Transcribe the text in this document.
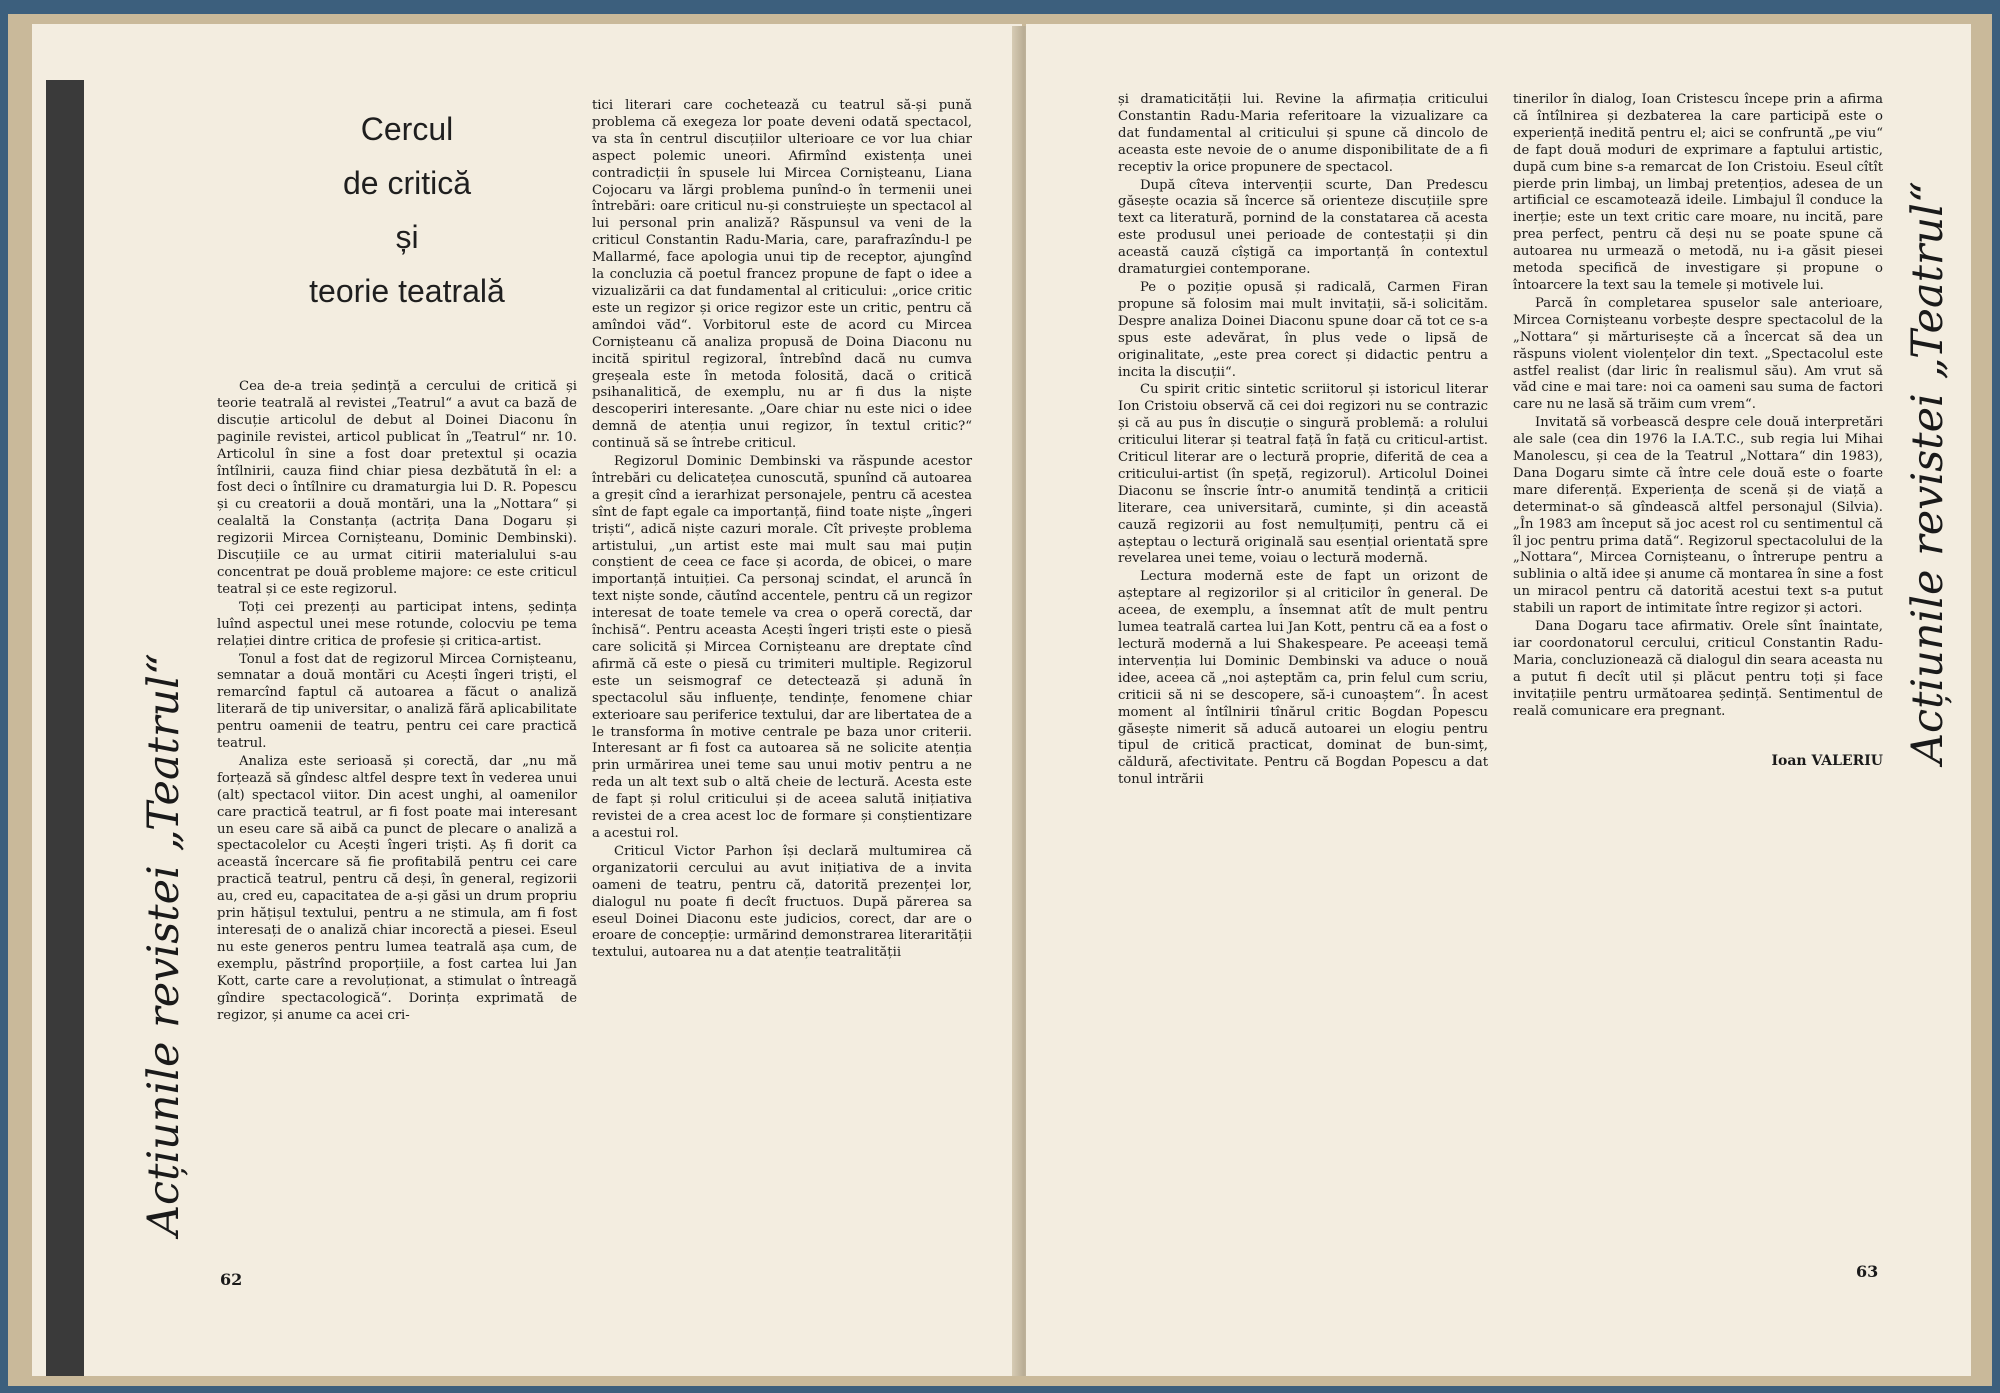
Cercul
de critică
și
teorie teatrală
Acțiunile revistei „Teatrul“

Cea de-a treia ședință a cercului de critică și teorie teatrală al revistei „Teatrul“ a avut ca bază de discuție articolul de debut al Doinei Diaconu în paginile revistei, articol publicat în „Teatrul“ nr. 10. Articolul în sine a fost doar pretextul și ocazia întîlnirii, cauza fiind chiar piesa dezbătută în el: a fost deci o întîlnire cu dramaturgia lui D. R. Popescu și cu creatorii a două montări, una la „Nottara“ și cealaltă la Constanța (actrița Dana Dogaru și regizorii Mircea Cornișteanu, Dominic Dembinski). Discuțiile ce au urmat citirii materialului s-au concentrat pe două probleme majore: ce este criticul teatral și ce este regizorul.

Toți cei prezenți au participat intens, ședința luînd aspectul unei mese rotunde, colocviu pe tema relației dintre critica de profesie și critica-artist.

Tonul a fost dat de regizorul Mircea Cornișteanu, semnatar a două montări cu Acești îngeri triști, el remarcînd faptul că autoarea a făcut o analiză literară de tip universitar, o analiză fără aplicabilitate pentru oamenii de teatru, pentru cei care practică teatrul.

Analiza este serioasă și corectă, dar „nu mă forțează să gîndesc altfel despre text în vederea unui (alt) spectacol viitor. Din acest unghi, al oamenilor care practică teatrul, ar fi fost poate mai interesant un eseu care să aibă ca punct de plecare o analiză a spectacolelor cu Acești îngeri triști. Aș fi dorit ca această încercare să fie profitabilă pentru cei care practică teatrul, pentru că deși, în general, regizorii au, cred eu, capacitatea de a-și găsi un drum propriu prin hățișul textului, pentru a ne stimula, am fi fost interesați de o analiză chiar incorectă a piesei. Eseul nu este generos pentru lumea teatrală așa cum, de exemplu, păstrînd proporțiile, a fost cartea lui Jan Kott, carte care a revoluționat, a stimulat o întreagă gîndire spectacologică“. Dorința exprimată de regizor, și anume ca acei cri-

tici literari care cocheteazǎ cu teatrul să-și pună problema că exegeza lor poate deveni odată spectacol, va sta în centrul discuțiilor ulterioare ce vor lua chiar aspect polemic uneori. Afirmînd existența unei contradicții în spusele lui Mircea Cornișteanu, Liana Cojocaru va lărgi problema punînd-o în termenii unei întrebări: oare criticul nu-și construiește un spectacol al lui personal prin analiză? Răspunsul va veni de la criticul Constantin Radu-Maria, care, parafrazîndu-l pe Mallarmé, face apologia unui tip de receptor, ajungînd la concluzia că poetul francez propune de fapt o idee a vizualizării ca dat fundamental al criticului: „orice critic este un regizor și orice regizor este un critic, pentru că amîndoi văd“. Vorbitorul este de acord cu Mircea Cornișteanu că analiza propusă de Doina Diaconu nu incită spiritul regizoral, întrebînd dacă nu cumva greșeala este în metoda folosită, dacă o critică psihanalitică, de exemplu, nu ar fi dus la niște descoperiri interesante. „Oare chiar nu este nici o idee demnă de atenția unui regizor, în textul critic?“ continuă să se întrebe criticul.

Regizorul Dominic Dembinski va răspunde acestor întrebări cu delicatețea cunoscută, spunînd că autoarea a greșit cînd a ierarhizat personajele, pentru că acestea sînt de fapt egale ca importanță, fiind toate niște „îngeri triști“, adică niște cazuri morale. Cît privește problema artistului, „un artist este mai mult sau mai puțin conștient de ceea ce face și acorda, de obicei, o mare importanță intuiției. Ca personaj scindat, el aruncă în text niște sonde, căutînd accentele, pentru că un regizor interesat de toate temele va crea o operă corectă, dar închisă“. Pentru aceasta Acești îngeri triști este o piesă care solicită și Mircea Cornișteanu are dreptate cînd afirmă că este o piesă cu trimiteri multiple. Regizorul este un seismograf ce detectează și adună în spectacolul său influențe, tendințe, fenomene chiar exterioare sau periferice textului, dar are libertatea de a le transforma în motive centrale pe baza unor criterii. Interesant ar fi fost ca autoarea să ne solicite atenția prin urmărirea unei teme sau unui motiv pentru a ne reda un alt text sub o altă cheie de lectură. Acesta este de fapt și rolul criticului și de aceea salută inițiativa revistei de a crea acest loc de formare și conștientizare a acestui rol.

Criticul Victor Parhon își declară multumirea că organizatorii cercului au avut inițiativa de a invita oameni de teatru, pentru că, datorită prezenței lor, dialogul nu poate fi decît fructuos. După părerea sa eseul Doinei Diaconu este judicios, corect, dar are o eroare de concepție: urmărind demonstrarea literarității textului, autoarea nu a dat atenție teatralității

62

și dramaticității lui. Revine la afirmația criticului Constantin Radu-Maria referitoare la vizualizare ca dat fundamental al criticului și spune că dincolo de aceasta este nevoie de o anume disponibilitate de a fi receptiv la orice propunere de spectacol.

După cîteva intervenții scurte, Dan Predescu găsește ocazia să încerce să orienteze discuțiile spre text ca literatură, pornind de la constatarea că acesta este produsul unei perioade de contestații și din această cauză cîștigă ca importanță în contextul dramaturgiei contemporane.

Pe o poziție opusă și radicală, Carmen Firan propune să folosim mai mult invitații, să-i solicităm. Despre analiza Doinei Diaconu spune doar că tot ce s-a spus este adevărat, în plus vede o lipsă de originalitate, „este prea corect și didactic pentru a incita la discuții“.

Cu spirit critic sintetic scriitorul și istoricul literar Ion Cristoiu observă că cei doi regizori nu se contrazic și că au pus în discuție o singură problemă: a rolului criticului literar și teatral față în față cu criticul-artist. Criticul literar are o lectură proprie, diferită de cea a criticului-artist (în speță, regizorul). Articolul Doinei Diaconu se înscrie într-o anumită tendință a criticii literare, cea universitară, cuminte, și din această cauză regizorii au fost nemulțumiți, pentru că ei așteptau o lectură originală sau esențial orientată spre revelarea unei teme, voiau o lectură modernă.

Lectura modernă este de fapt un orizont de așteptare al regizorilor și al criticilor în general. De aceea, de exemplu, a însemnat atît de mult pentru lumea teatrală cartea lui Jan Kott, pentru că ea a fost o lectură modernă a lui Shakespeare. Pe aceeași temă intervenția lui Dominic Dembinski va aduce o nouă idee, aceea că „noi așteptăm ca, prin felul cum scriu, criticii să ni se descopere, să-i cunoaștem“. În acest moment al întîlnirii tînărul critic Bogdan Popescu găsește nimerit să aducă autoarei un elogiu pentru tipul de critică practicat, dominat de bun-simț, căldură, afectivitate. Pentru că Bogdan Popescu a dat tonul intrării

tinerilor în dialog, Ioan Cristescu începe prin a afirma că întîlnirea și dezbaterea la care participă este o experiență inedită pentru el; aici se confruntă „pe viu“ de fapt două moduri de exprimare a faptului artistic, după cum bine s-a remarcat de Ion Cristoiu. Eseul cîtît pierde prin limbaj, un limbaj pretențios, adesea de un artificial ce escamotează ideile. Limbajul îl conduce la inerție; este un text critic care moare, nu incită, pare prea perfect, pentru că deși nu se poate spune că autoarea nu urmează o metodă, nu i-a găsit piesei metoda specifică de investigare și propune o întoarcere la text sau la temele și motivele lui.

Parcă în completarea spuselor sale anterioare, Mircea Cornișteanu vorbește despre spectacolul de la „Nottara“ și mărturisește că a încercat să dea un răspuns violent violențelor din text. „Spectacolul este astfel realist (dar liric în realismul său). Am vrut să văd cine e mai tare: noi ca oameni sau suma de factori care nu ne lasă să trăim cum vrem“.

Invitată să vorbească despre cele două interpretări ale sale (cea din 1976 la I.A.T.C., sub regia lui Mihai Manolescu, și cea de la Teatrul „Nottara“ din 1983), Dana Dogaru simte că între cele două este o foarte mare diferență. Experiența de scenă și de viață a determinat-o să gîndească altfel personajul (Silvia). „În 1983 am început să joc acest rol cu sentimentul că îl joc pentru prima dată“. Regizorul spectacolului de la „Nottara“, Mircea Cornișteanu, o întrerupe pentru a sublinia o altă idee și anume că montarea în sine a fost un miracol pentru că datorită acestui text s-a putut stabili un raport de intimitate între regizor și actori.

Dana Dogaru tace afirmativ. Orele sînt înaintate, iar coordonatorul cercului, criticul Constantin Radu-Maria, concluzionează că dialogul din seara aceasta nu a putut fi decît util și plăcut pentru toți și face invitațiile pentru următoarea ședință. Sentimentul de reală comunicare era pregnant.

Ioan VALERIU Acțiunile revistei „Teatrul“
63
